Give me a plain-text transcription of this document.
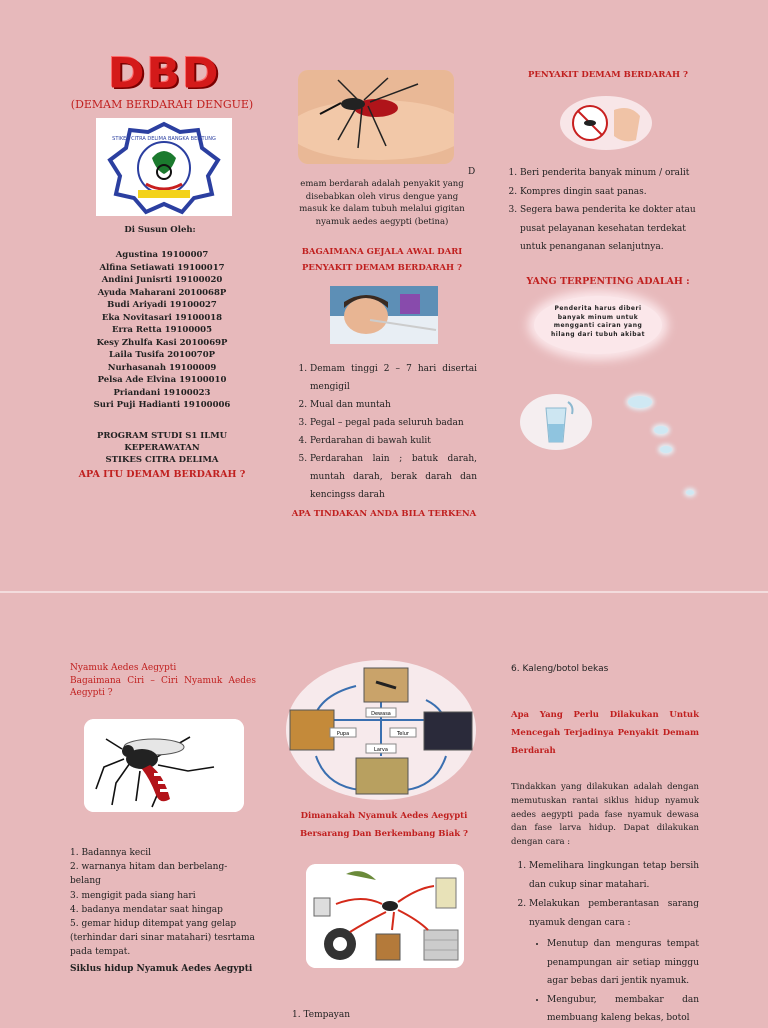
DBD
(DEMAM BERDARAH DENGUE)
STIKES CITRA DELIMA BANGKA BELITUNG
Di Susun Oleh:
Agustina 19100007
Alfina Setiawati 19100017
Andini Junisrti 19100020
Ayuda Maharani 2010068P
Budi Ariyadi 19100027
Eka Novitasari 19100018
Erra Retta 19100005
Kesy Zhulfa Kasi 2010069P
Laila Tusifa 2010070P
Nurhasanah 19100009
Pelsa Ade Elvina 19100010
Priandani 19100023
Suri Puji Hadianti 19100006
PROGRAM STUDI S1 ILMU
KEPERAWATAN
STIKES CITRA DELIMA
APA ITU DEMAM BERDARAH ?
D
emam berdarah adalah penyakit yang disebabkan oleh virus dengue yang masuk ke dalam tubuh melalui gigitan nyamuk aedes aegypti (betina)
BAGAIMANA GEJALA AWAL DARI PENYAKIT DEMAM BERDARAH ?
1. Demam tinggi 2 – 7 hari disertai mengigil
2. Mual dan muntah
3. Pegal – pegal pada seluruh badan
4. Perdarahan di bawah kulit
5. Perdarahan lain ; batuk darah, muntah darah, berak darah dan kencingss darah
APA TINDAKAN ANDA BILA TERKENA
PENYAKIT DEMAM BERDARAH ?
1. Beri penderita banyak minum / oralit
2. Kompres dingin saat panas.
3. Segera bawa penderita ke dokter atau pusat pelayanan kesehatan terdekat untuk penanganan selanjutnya.
YANG TERPENTING ADALAH :
Penderita harus diberi banyak minum untuk mengganti cairan yang hilang dari tubuh akibat
Nyamuk Aedes Aegypti
Bagaimana Ciri – Ciri Nyamuk Aedes Aegypti ?
1. Badannya kecil
2. warnanya hitam dan berbelang-belang
3. mengigit pada siang hari
4. badanya mendatar saat hingap
5. gemar hidup ditempat yang gelap (terhindar dari sinar matahari) tesrtama pada tempat.
Siklus hidup Nyamuk Aedes Aegypti
Dewasa
Pupa	Telur
Larva
Dimanakah Nyamuk Aedes Aegypti Bersarang Dan Berkembang Biak ?
1. Tempayan
6. Kaleng/botol bekas
Apa Yang Perlu Dilakukan Untuk Mencegah Terjadinya Penyakit Demam Berdarah
Tindakkan yang dilakukan adalah dengan memutuskan rantai siklus hidup nyamuk aedes aegypti pada fase nyamuk dewasa dan fase larva hidup. Dapat dilakukan dengan cara :
1. Memelihara lingkungan tetap bersih dan cukup sinar matahari.
2. Melakukan pemberantasan sarang nyamuk dengan cara :
• Menutup dan menguras tempat penampungan air setiap minggu agar bebas dari jentik nyamuk.
• Mengubur, membakar dan membuang kaleng bekas, botol
